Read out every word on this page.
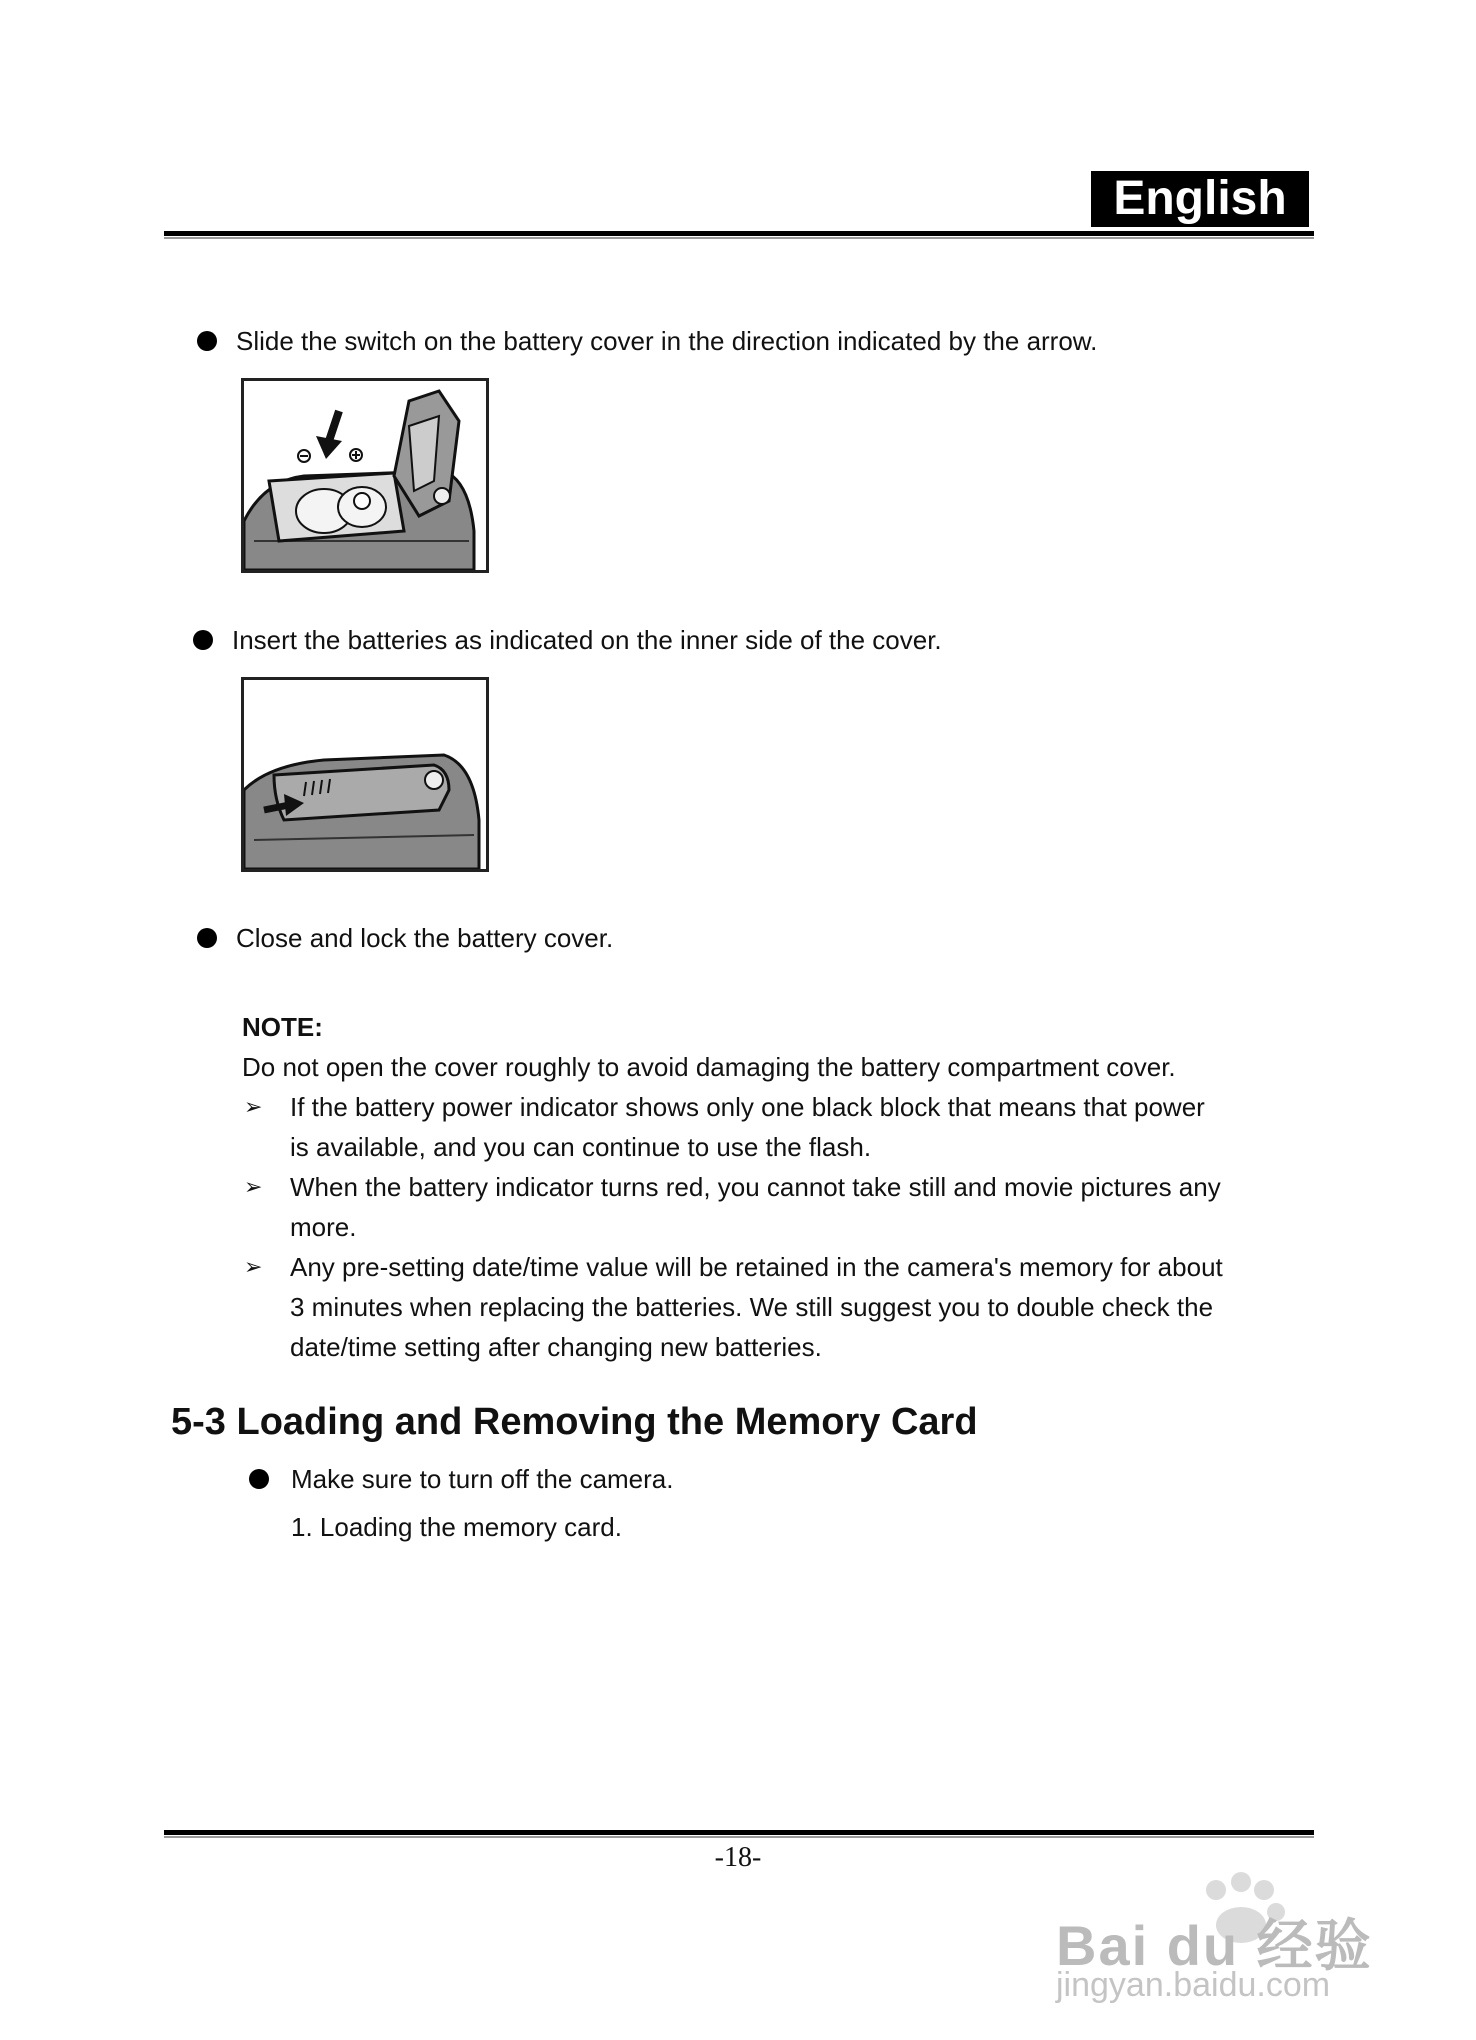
English
Slide the switch on the battery cover in the direction indicated by the arrow.
Insert the batteries as indicated on the inner side of the cover.
Close and lock the battery cover.
NOTE:
Do not open the cover roughly to avoid damaging the battery compartment cover.
➢ If the battery power indicator shows only one black block that means that power
is available, and you can continue to use the flash.
➢ When the battery indicator turns red, you cannot take still and movie pictures any
more.
➢ Any pre-setting date/time value will be retained in the camera's memory for about
3 minutes when replacing the batteries. We still suggest you to double check the
date/time setting after changing new batteries.
5-3 Loading and Removing the Memory Card
Make sure to turn off the camera.
1. Loading the memory card.
-18-
Bai du 经验
jingyan.baidu.com
